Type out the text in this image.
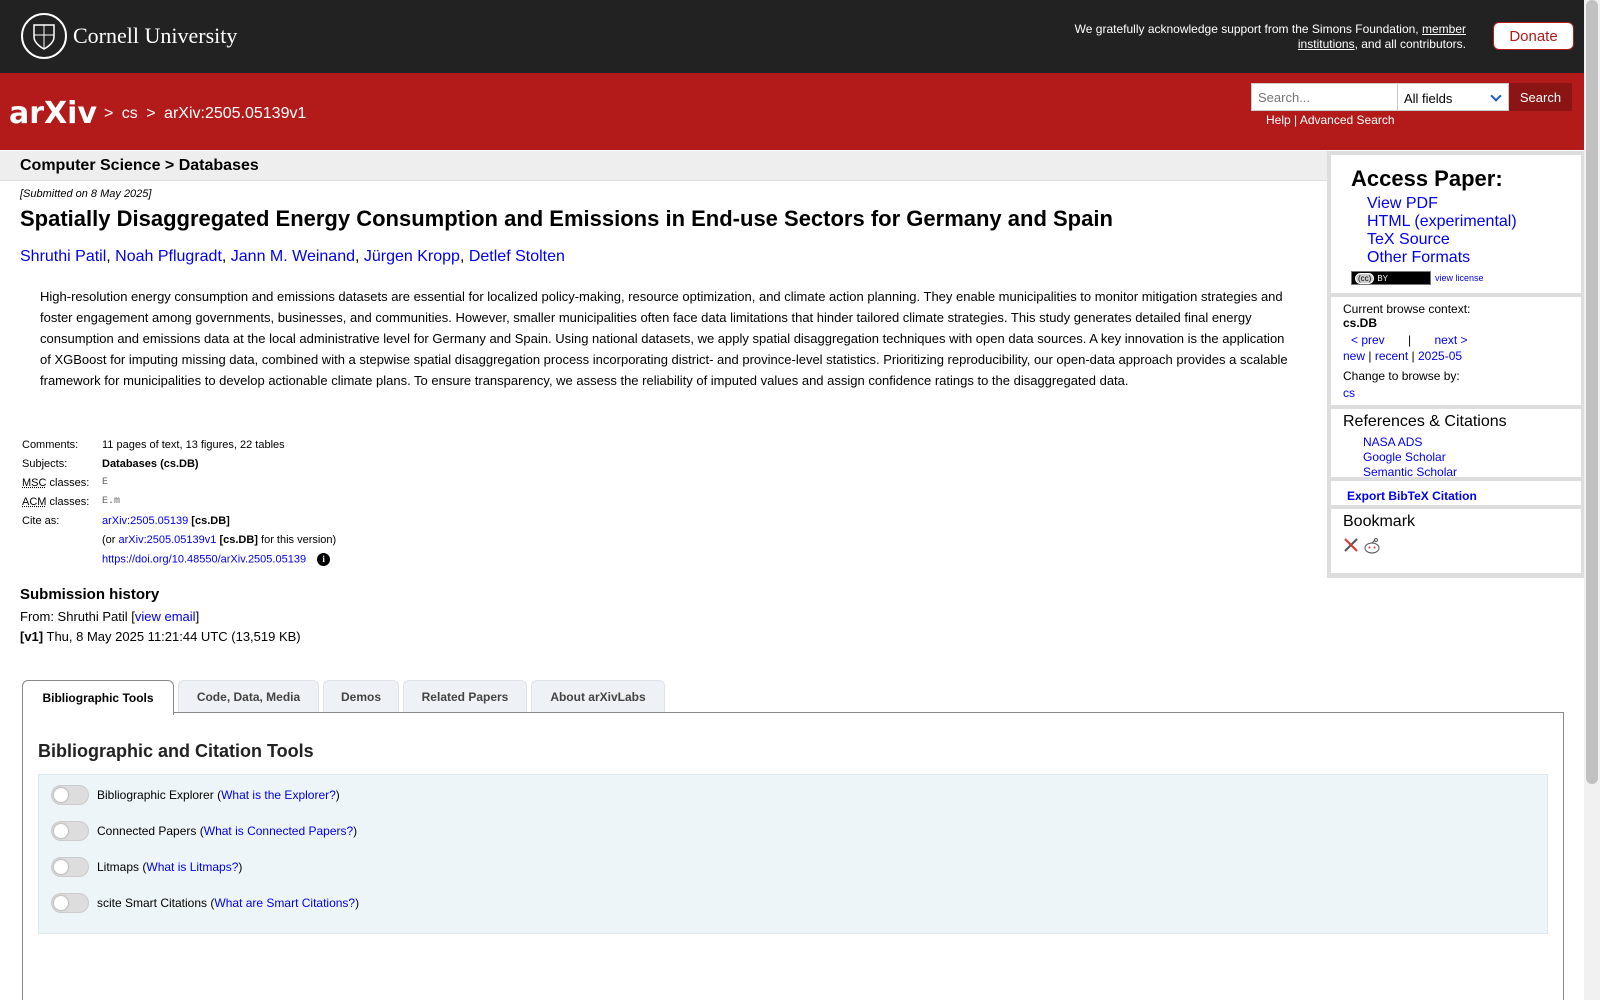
Cornell University	We gratefully acknowledge support from the Simons Foundation, member institutions, and all contributors.	Donate
arXiv > cs > arXiv:2505.05139v1
Search...
All fields	Search
Help | Advanced Search
Computer Science > Databases
[Submitted on 8 May 2025]
Spatially Disaggregated Energy Consumption and Emissions in End-use Sectors for Germany and Spain
Shruthi Patil, Noah Pflugradt, Jann M. Weinand, Jürgen Kropp, Detlef Stolten
High-resolution energy consumption and emissions datasets are essential for localized policy-making, resource optimization, and climate action planning. They enable municipalities to monitor mitigation strategies and foster engagement among governments, businesses, and communities. However, smaller municipalities often face data limitations that hinder tailored climate strategies. This study generates detailed final energy consumption and emissions data at the local administrative level for Germany and Spain. Using national datasets, we apply spatial disaggregation techniques with open data sources. A key innovation is the application of XGBoost for imputing missing data, combined with a stepwise spatial disaggregation process incorporating district- and province-level statistics. Prioritizing reproducibility, our open-data approach provides a scalable framework for municipalities to develop actionable climate plans. To ensure transparency, we assess the reliability of imputed values and assign confidence ratings to the disaggregated data.
Comments:	11 pages of text, 13 figures, 22 tables
Subjects:	Databases (cs.DB)
MSC classes:	E
ACM classes:	E.m
Cite as:	arXiv:2505.05139 [cs.DB]
	(or arXiv:2505.05139v1 [cs.DB] for this version)
	https://doi.org/10.48550/arXiv.2505.05139 i
Submission history
From: Shruthi Patil [view email]
[v1] Thu, 8 May 2025 11:21:44 UTC (13,519 KB)
Bibliographic Tools	Code, Data, Media	Demos	Related Papers	About arXivLabs
Bibliographic and Citation Tools
Bibliographic Explorer ( What is the Explorer? )
Connected Papers ( What is Connected Papers? )
Litmaps ( What is Litmaps? )
scite Smart Citations ( What are Smart Citations? )
Access Paper:
View PDF
HTML (experimental)
TeX Source
Other Formats
(cc) BY	view license
Current browse context:
cs.DB
< prev | next >
new | recent | 2025-05
Change to browse by:
cs
References & Citations
NASA ADS
Google Scholar
Semantic Scholar
Export BibTeX Citation
Bookmark
